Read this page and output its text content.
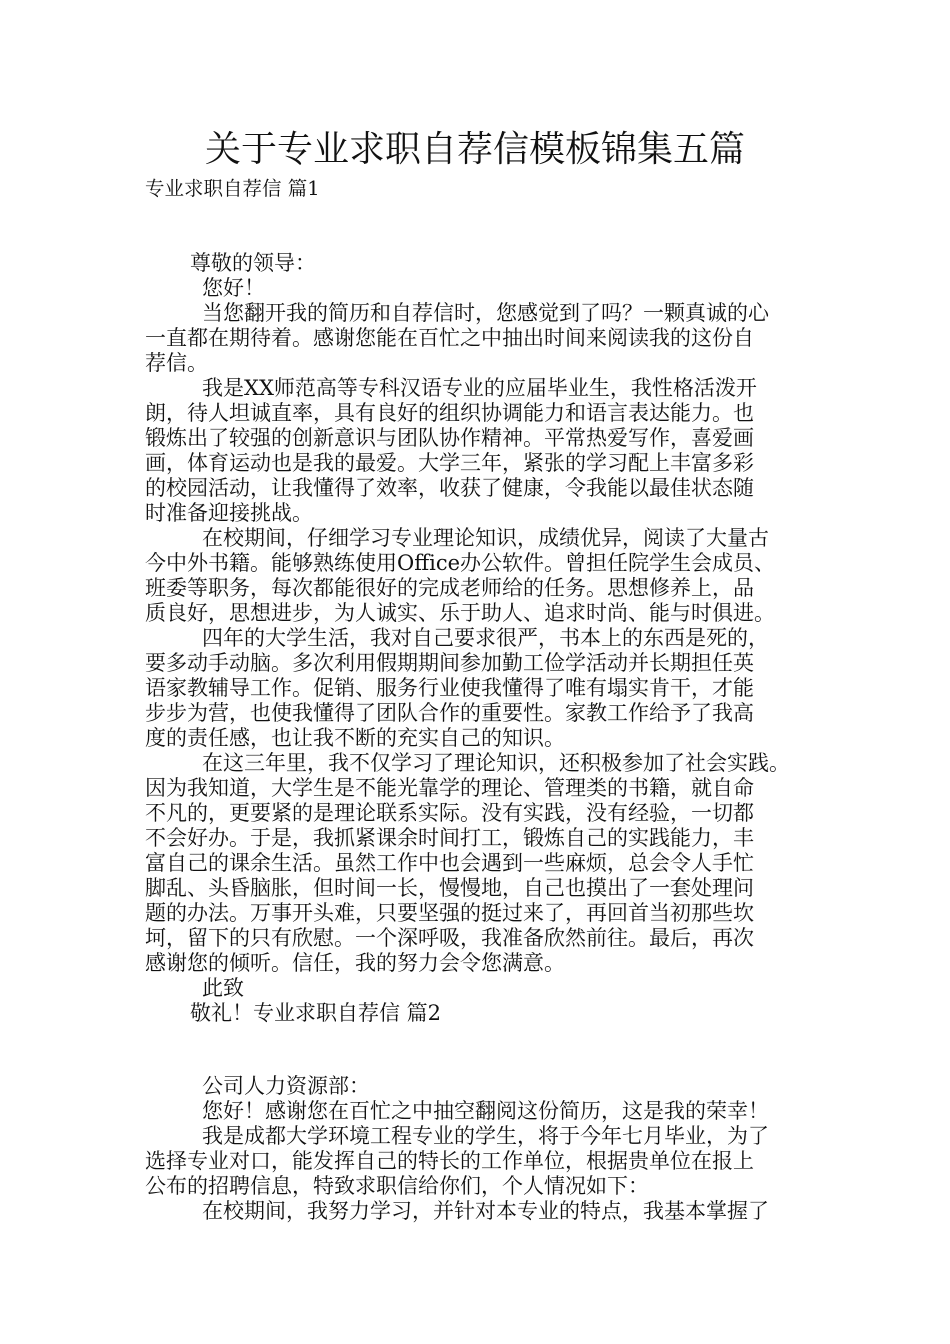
关于专业求职自荐信模板锦集五篇
专业求职自荐信 篇1
尊敬的领导：
您好！
当您翻开我的简历和自荐信时，您感觉到了吗？一颗真诚的心
一直都在期待着。感谢您能在百忙之中抽出时间来阅读我的这份自
荐信。
我是XX师范高等专科汉语专业的应届毕业生，我性格活泼开
朗，待人坦诚直率，具有良好的组织协调能力和语言表达能力。也
锻炼出了较强的创新意识与团队协作精神。平常热爱写作，喜爱画
画，体育运动也是我的最爱。大学三年，紧张的学习配上丰富多彩
的校园活动，让我懂得了效率，收获了健康，令我能以最佳状态随
时准备迎接挑战。
在校期间，仔细学习专业理论知识，成绩优异，阅读了大量古
今中外书籍。能够熟练使用Office办公软件。曾担任院学生会成员、
班委等职务，每次都能很好的完成老师给的任务。思想修养上，品
质良好，思想进步，为人诚实、乐于助人、追求时尚、能与时俱进。
四年的大学生活，我对自己要求很严，书本上的东西是死的，
要多动手动脑。多次利用假期期间参加勤工俭学活动并长期担任英
语家教辅导工作。促销、服务行业使我懂得了唯有塌实肯干，才能
步步为营，也使我懂得了团队合作的重要性。家教工作给予了我高
度的责任感，也让我不断的充实自己的知识。
在这三年里，我不仅学习了理论知识，还积极参加了社会实践。
因为我知道，大学生是不能光靠学的理论、管理类的书籍，就自命
不凡的，更要紧的是理论联系实际。没有实践，没有经验，一切都
不会好办。于是，我抓紧课余时间打工，锻炼自己的实践能力，丰
富自己的课余生活。虽然工作中也会遇到一些麻烦，总会令人手忙
脚乱、头昏脑胀，但时间一长，慢慢地，自己也摸出了一套处理问
题的办法。万事开头难，只要坚强的挺过来了，再回首当初那些坎
坷，留下的只有欣慰。一个深呼吸，我准备欣然前往。最后，再次
感谢您的倾听。信任，我的努力会令您满意。
此致
敬礼！专业求职自荐信 篇2
公司人力资源部：
您好！感谢您在百忙之中抽空翻阅这份简历，这是我的荣幸！
我是成都大学环境工程专业的学生，将于今年七月毕业，为了
选择专业对口，能发挥自己的特长的工作单位，根据贵单位在报上
公布的招聘信息，特致求职信给你们，个人情况如下：
在校期间，我努力学习，并针对本专业的特点，我基本掌握了
